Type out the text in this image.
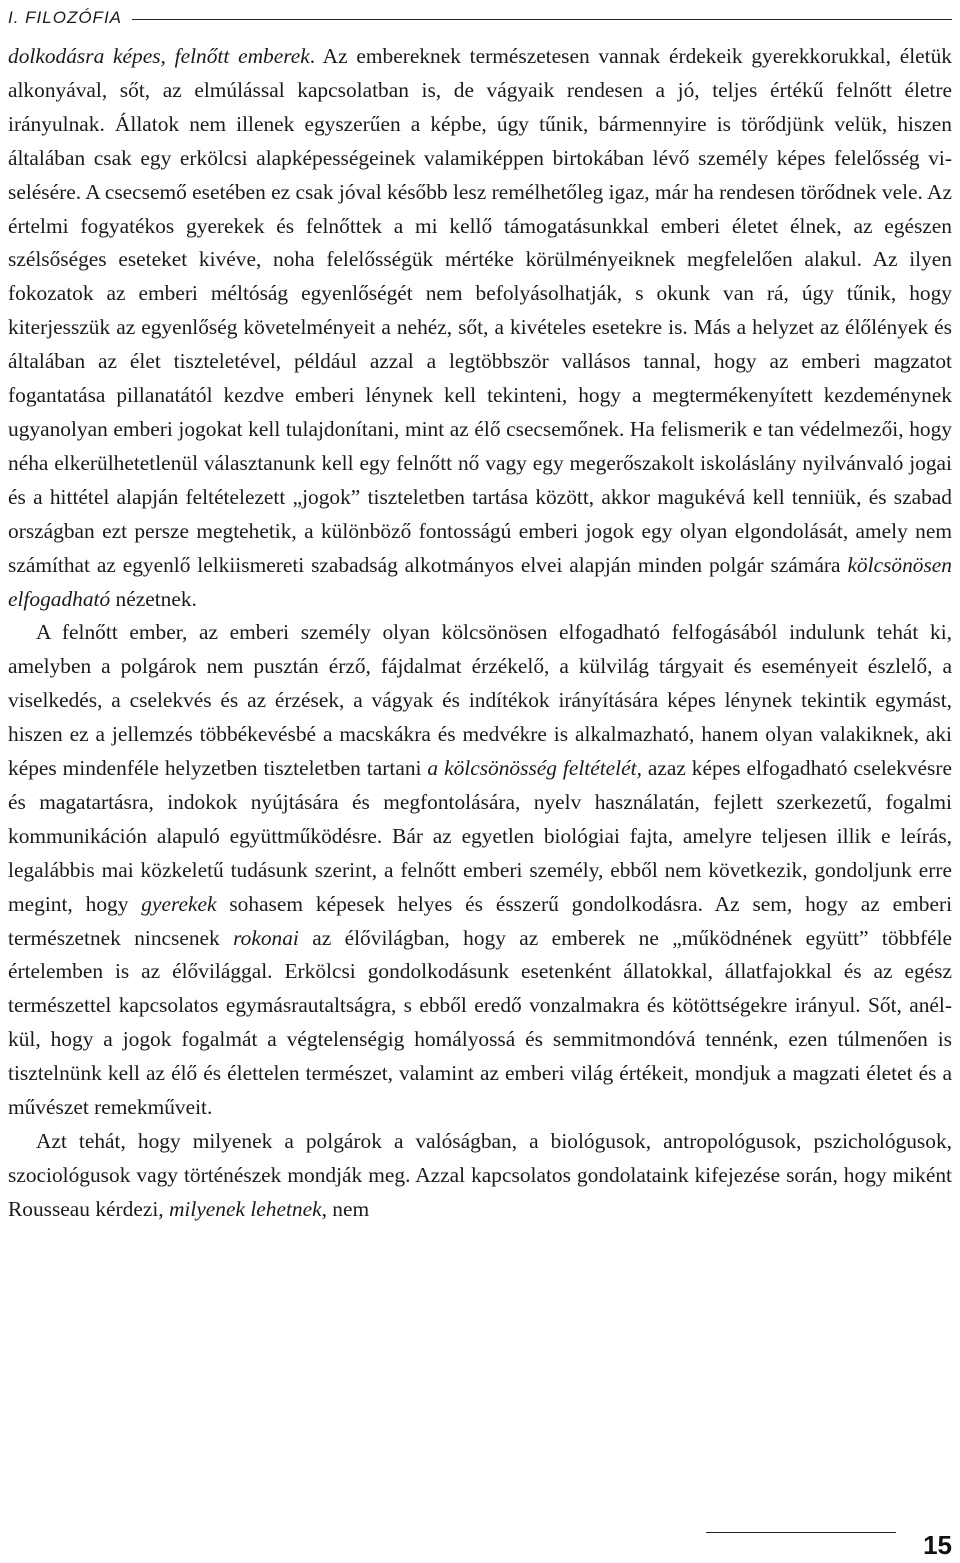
I. FILOZÓFIA

dolkodásra képes, felnőtt emberek. Az embereknek természetesen vannak érdekeik gyerekkorukkal, életük alkonyával, sőt, az elmúlással kapcsolatban is, de vágyaik rendesen a jó, teljes értékű felnőtt életre irányulnak. Állatok nem illenek egyszerűen a képbe, úgy tűnik, bármennyire is törődjünk velük, hiszen általában csak egy erkölcsi alapképességeinek valamiképpen birtokában lévő személy képes felelősség viselésére. A csecsemő esetében ez csak jóval később lesz remélhetőleg igaz, már ha rendesen törődnek vele. Az értelmi fogyatékos gyerekek és felnőttek a mi kellő támogatásunkkal emberi életet élnek, az egészen szélsőséges eseteket kivéve, noha felelősségük mértéke körülményeiknek megfelelően alakul. Az ilyen fokozatok az emberi méltóság egyenlőségét nem befolyásolhatják, s okunk van rá, úgy tűnik, hogy kiterjesszük az egyenlőség követelményeit a nehéz, sőt, a kivételes esetekre is. Más a helyzet az élőlények és általában az élet tiszteletével, például azzal a legtöbbször vallásos tannal, hogy az emberi magzatot fogantatása pillanatától kezdve emberi lénynek kell tekinteni, hogy a megtermékenyített kezdeménynek ugyanolyan emberi jogokat kell tulajdonítani, mint az élő csecsemőnek. Ha felismerik e tan védelmezői, hogy néha elkerülhetetlenül választanunk kell egy felnőtt nő vagy egy megerőszakolt iskoláslány nyilvánvaló jogai és a hittétel alapján feltételezett „jogok” tiszteletben tartása között, akkor magukévá kell tenniük, és szabad országban ezt persze megtehetik, a különböző fontosságú emberi jogok egy olyan elgondolását, amely nem számíthat az egyenlő lelkiismereti szabadság alkotmányos elvei alapján minden polgár számára kölcsönösen elfogadható nézetnek.

A felnőtt ember, az emberi személy olyan kölcsönösen elfogadható felfogásából indulunk tehát ki, amelyben a polgárok nem pusztán érző, fájdalmat érzékelő, a külvilág tárgyait és eseményeit észlelő, a viselkedés, a cselekvés és az érzések, a vágyak és indítékok irányítására képes lénynek tekintik egymást, hiszen ez a jellemzés többékevésbé a macskákra és medvékre is alkalmazható, hanem olyan valakiknek, aki képes mindenféle helyzetben tiszteletben tartani a kölcsönösség feltételét, azaz képes elfogadható cselekvésre és magatartásra, indokok nyújtására és megfontolására, nyelv használatán, fejlett szerkezetű, fogalmi kommunikáción alapuló együttműködésre. Bár az egyetlen biológiai fajta, amelyre teljesen illik e leírás, legalábbis mai közkeletű tudásunk szerint, a felnőtt emberi személy, ebből nem következik, gondoljunk erre megint, hogy gyerekek sohasem képesek helyes és ésszerű gondolkodásra. Az sem, hogy az emberi természetnek nincsenek rokonai az élővilágban, hogy az emberek ne „működnének együtt” többféle értelemben is az élővilággal. Erkölcsi gondolkodásunk esetenként állatokkal, állatfajokkal és az egész természettel kapcsolatos egymásrautaltságra, s ebből eredő vonzalmakra és kötöttségekre irányul. Sőt, anélkül, hogy a jogok fogalmát a végtelenségig homályossá és semmitmondóvá tennénk, ezen túlmenően is tisztelnünk kell az élő és élettelen természet, valamint az emberi világ értékeit, mondjuk a magzati életet és a művészet remekműveit.

Azt tehát, hogy milyenek a polgárok a valóságban, a biológusok, antropológusok, pszichológusok, szociológusok vagy történészek mondják meg. Azzal kapcsolatos gondolataink kifejezése során, hogy miként Rousseau kérdezi, milyenek lehetnek, nem

15
